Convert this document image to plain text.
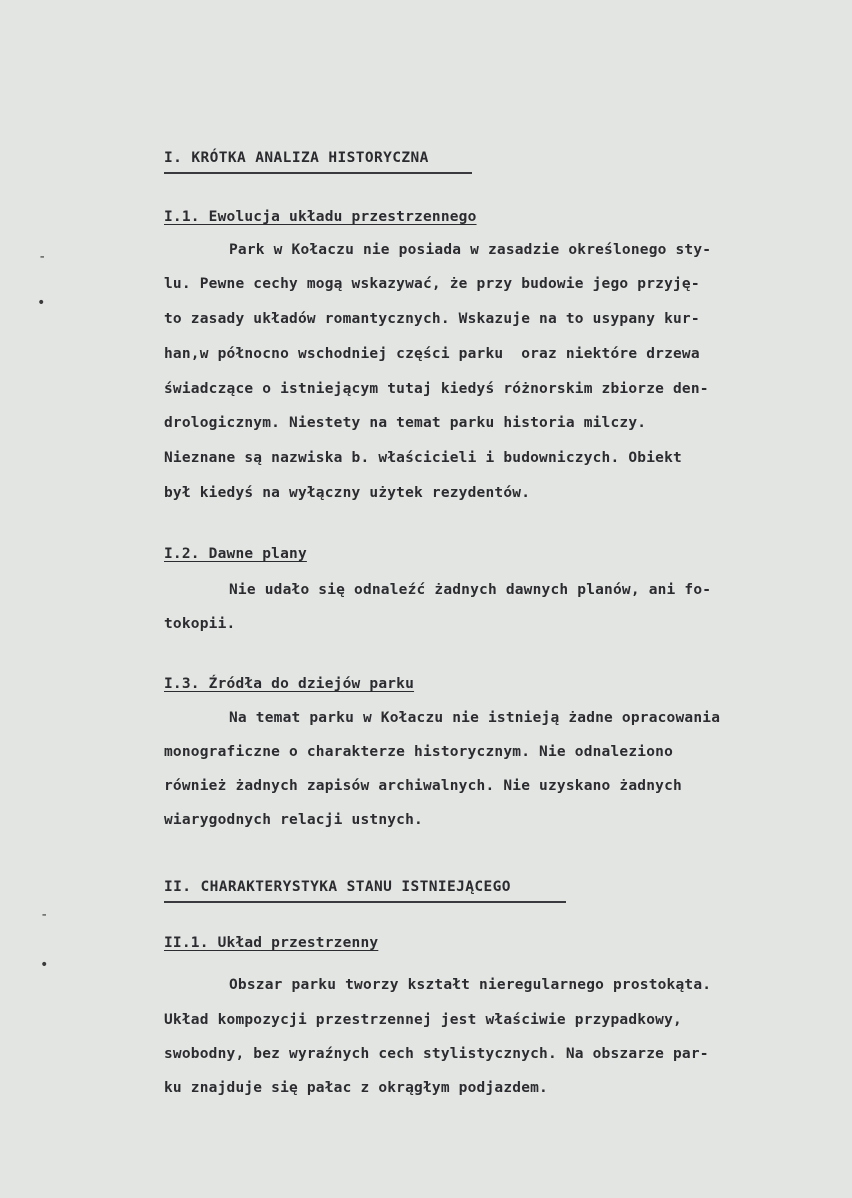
-
•
-
•
I. KRÓTKA ANALIZA HISTORYCZNA
I.1. Ewolucja układu przestrzennego
Park w Kołaczu nie posiada w zasadzie określonego sty-
lu. Pewne cechy mogą wskazywać, że przy budowie jego przyję-
to zasady układów romantycznych. Wskazuje na to usypany kur-
han,w północno wschodniej części parku  oraz niektóre drzewa
świadczące o istniejącym tutaj kiedyś różnorskim zbiorze den-
drologicznym. Niestety na temat parku historia milczy.
Nieznane są nazwiska b. właścicieli i budowniczych. Obiekt
był kiedyś na wyłączny użytek rezydentów.
I.2. Dawne plany
Nie udało się odnaleźć żadnych dawnych planów, ani fo-
tokopii.
I.3. Źródła do dziejów parku
Na temat parku w Kołaczu nie istnieją żadne opracowania
monograficzne o charakterze historycznym. Nie odnaleziono
również żadnych zapisów archiwalnych. Nie uzyskano żadnych
wiarygodnych relacji ustnych.
II. CHARAKTERYSTYKA STANU ISTNIEJĄCEGO
II.1. Układ przestrzenny
Obszar parku tworzy kształt nieregularnego prostokąta.
Układ kompozycji przestrzennej jest właściwie przypadkowy,
swobodny, bez wyraźnych cech stylistycznych. Na obszarze par-
ku znajduje się pałac z okrągłym podjazdem.
